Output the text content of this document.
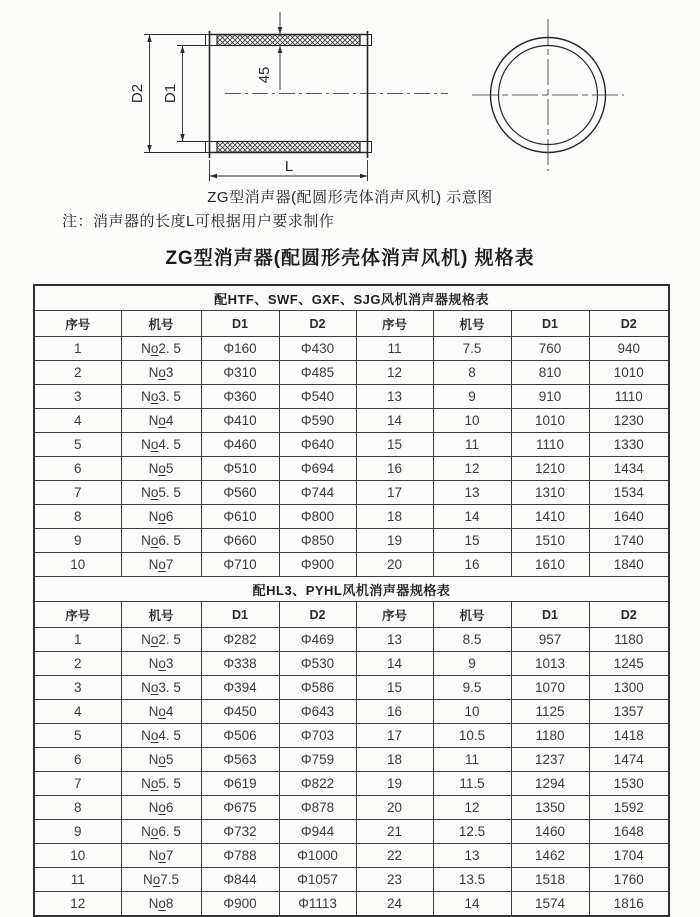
D2 D1
45
L
ZG型消声器(配圆形壳体消声风机) 示意图
注：消声器的长度L可根据用户要求制作
ZG型消声器(配圆形壳体消声风机) 规格表
配HTF、SWF、GXF、SJG风机消声器规格表							
序号	机号	D1	D2	序号	机号	D1	D2
1	No2. 5	Φ160	Φ430	11	7.5	760	940
2	No3	Φ310	Φ485	12	8	810	1010
3	No3. 5	Φ360	Φ540	13	9	910	1110
4	No4	Φ410	Φ590	14	10	1010	1230
5	No4. 5	Φ460	Φ640	15	11	1110	1330
6	No5	Φ510	Φ694	16	12	1210	1434
7	No5. 5	Φ560	Φ744	17	13	1310	1534
8	No6	Φ610	Φ800	18	14	1410	1640
9	No6. 5	Φ660	Φ850	19	15	1510	1740
10	No7	Φ710	Φ900	20	16	1610	1840
配HL3、PYHL风机消声器规格表							
序号	机号	D1	D2	序号	机号	D1	D2
1	No2. 5	Φ282	Φ469	13	8.5	957	1180
2	No3	Φ338	Φ530	14	9	1013	1245
3	No3. 5	Φ394	Φ586	15	9.5	1070	1300
4	No4	Φ450	Φ643	16	10	1125	1357
5	No4. 5	Φ506	Φ703	17	10.5	1180	1418
6	No5	Φ563	Φ759	18	11	1237	1474
7	No5. 5	Φ619	Φ822	19	11.5	1294	1530
8	No6	Φ675	Φ878	20	12	1350	1592
9	No6. 5	Φ732	Φ944	21	12.5	1460	1648
10	No7	Φ788	Φ1000	22	13	1462	1704
11	No7.5	Φ844	Φ1057	23	13.5	1518	1760
12	No8	Φ900	Φ1113	24	14	1574	1816
